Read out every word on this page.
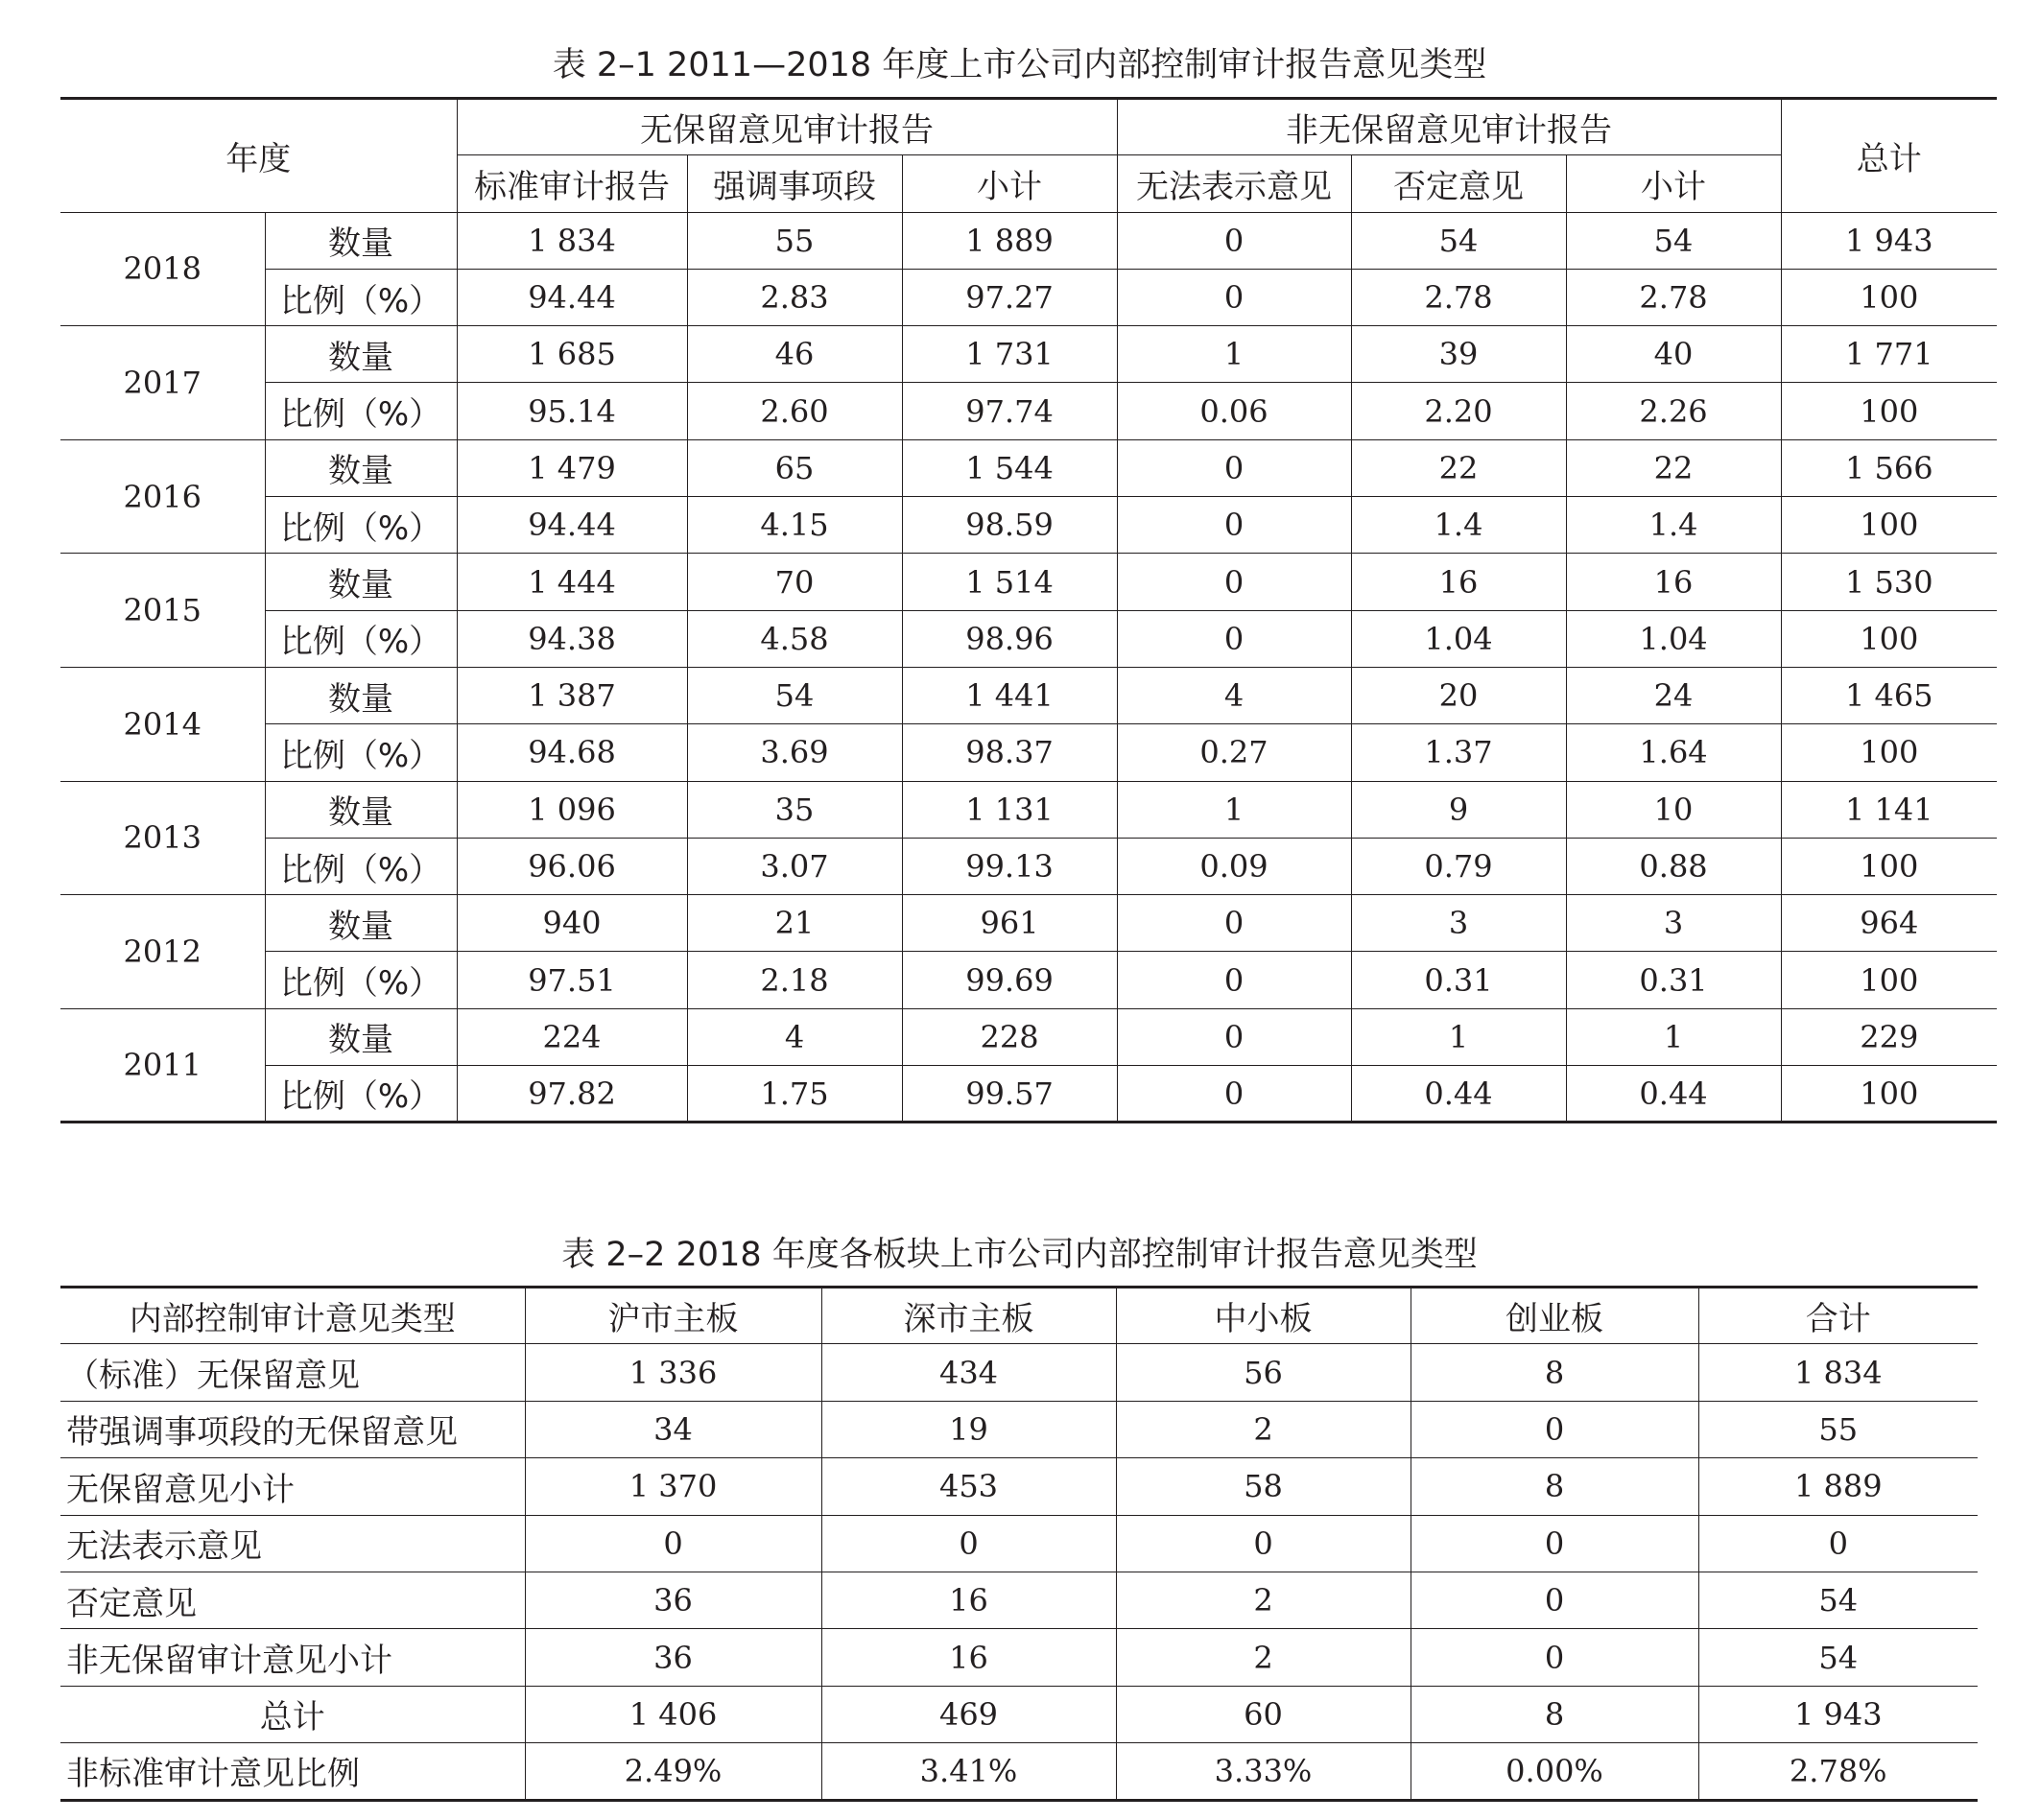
表 2–1 2011—2018 年度上市公司内部控制审计报告意见类型
年度		无保留意见审计报告			非无保留意见审计报告			总计
		标准审计报告	强调事项段	小计	无法表示意见	否定意见	小计	
2018	数量	1 834	55	1 889	0	54	54	1 943
	比例（%）	94.44	2.83	97.27	0	2.78	2.78	100
2017	数量	1 685	46	1 731	1	39	40	1 771
	比例（%）	95.14	2.60	97.74	0.06	2.20	2.26	100
2016	数量	1 479	65	1 544	0	22	22	1 566
	比例（%）	94.44	4.15	98.59	0	1.4	1.4	100
2015	数量	1 444	70	1 514	0	16	16	1 530
	比例（%）	94.38	4.58	98.96	0	1.04	1.04	100
2014	数量	1 387	54	1 441	4	20	24	1 465
	比例（%）	94.68	3.69	98.37	0.27	1.37	1.64	100
2013	数量	1 096	35	1 131	1	9	10	1 141
	比例（%）	96.06	3.07	99.13	0.09	0.79	0.88	100
2012	数量	940	21	961	0	3	3	964
	比例（%）	97.51	2.18	99.69	0	0.31	0.31	100
2011	数量	224	4	228	0	1	1	229
	比例（%）	97.82	1.75	99.57	0	0.44	0.44	100
表 2–2 2018 年度各板块上市公司内部控制审计报告意见类型
内部控制审计意见类型	沪市主板	深市主板	中小板	创业板	合计
（标准）无保留意见	1 336	434	56	8	1 834
带强调事项段的无保留意见	34	19	2	0	55
无保留意见小计	1 370	453	58	8	1 889
无法表示意见	0	0	0	0	0
否定意见	36	16	2	0	54
非无保留审计意见小计	36	16	2	0	54
总计	1 406	469	60	8	1 943
非标准审计意见比例	2.49%	3.41%	3.33%	0.00%	2.78%
